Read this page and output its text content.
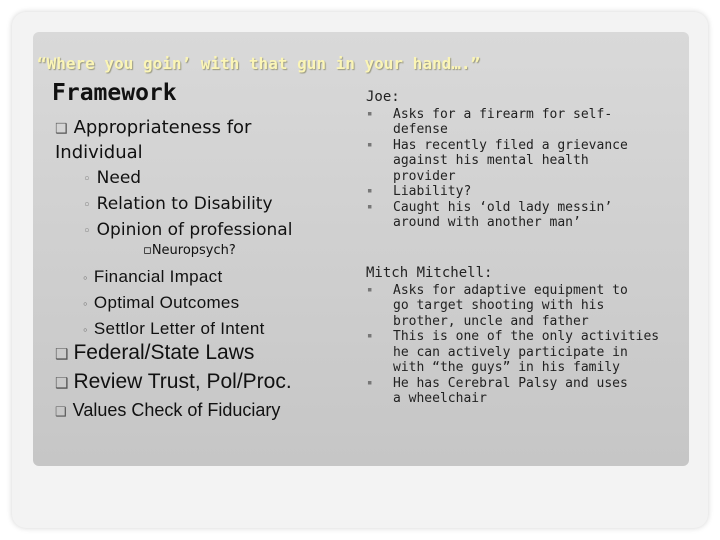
“Where you goin’ with that gun in your hand….”
Framework
❑ Appropriateness for
Individual
◦ Need
◦ Relation to Disability
◦ Opinion of professional
▫Neuropsych?
◦ Financial Impact
◦ Optimal Outcomes
◦ Settlor Letter of Intent
❑ Federal/State Laws
❑ Review Trust, Pol/Proc.
❑ Values Check of Fiduciary
Joe:
▪ Asks for a firearm for self-
defense
▪ Has recently filed a grievance
against his mental health
provider
▪ Liability?
▪ Caught his ‘old lady messin’
around with another man’
Mitch Mitchell:
▪ Asks for adaptive equipment to
go target shooting with his
brother, uncle and father
▪ This is one of the only activities
he can actively participate in
with “the guys” in his family
▪ He has Cerebral Palsy and uses
a wheelchair
